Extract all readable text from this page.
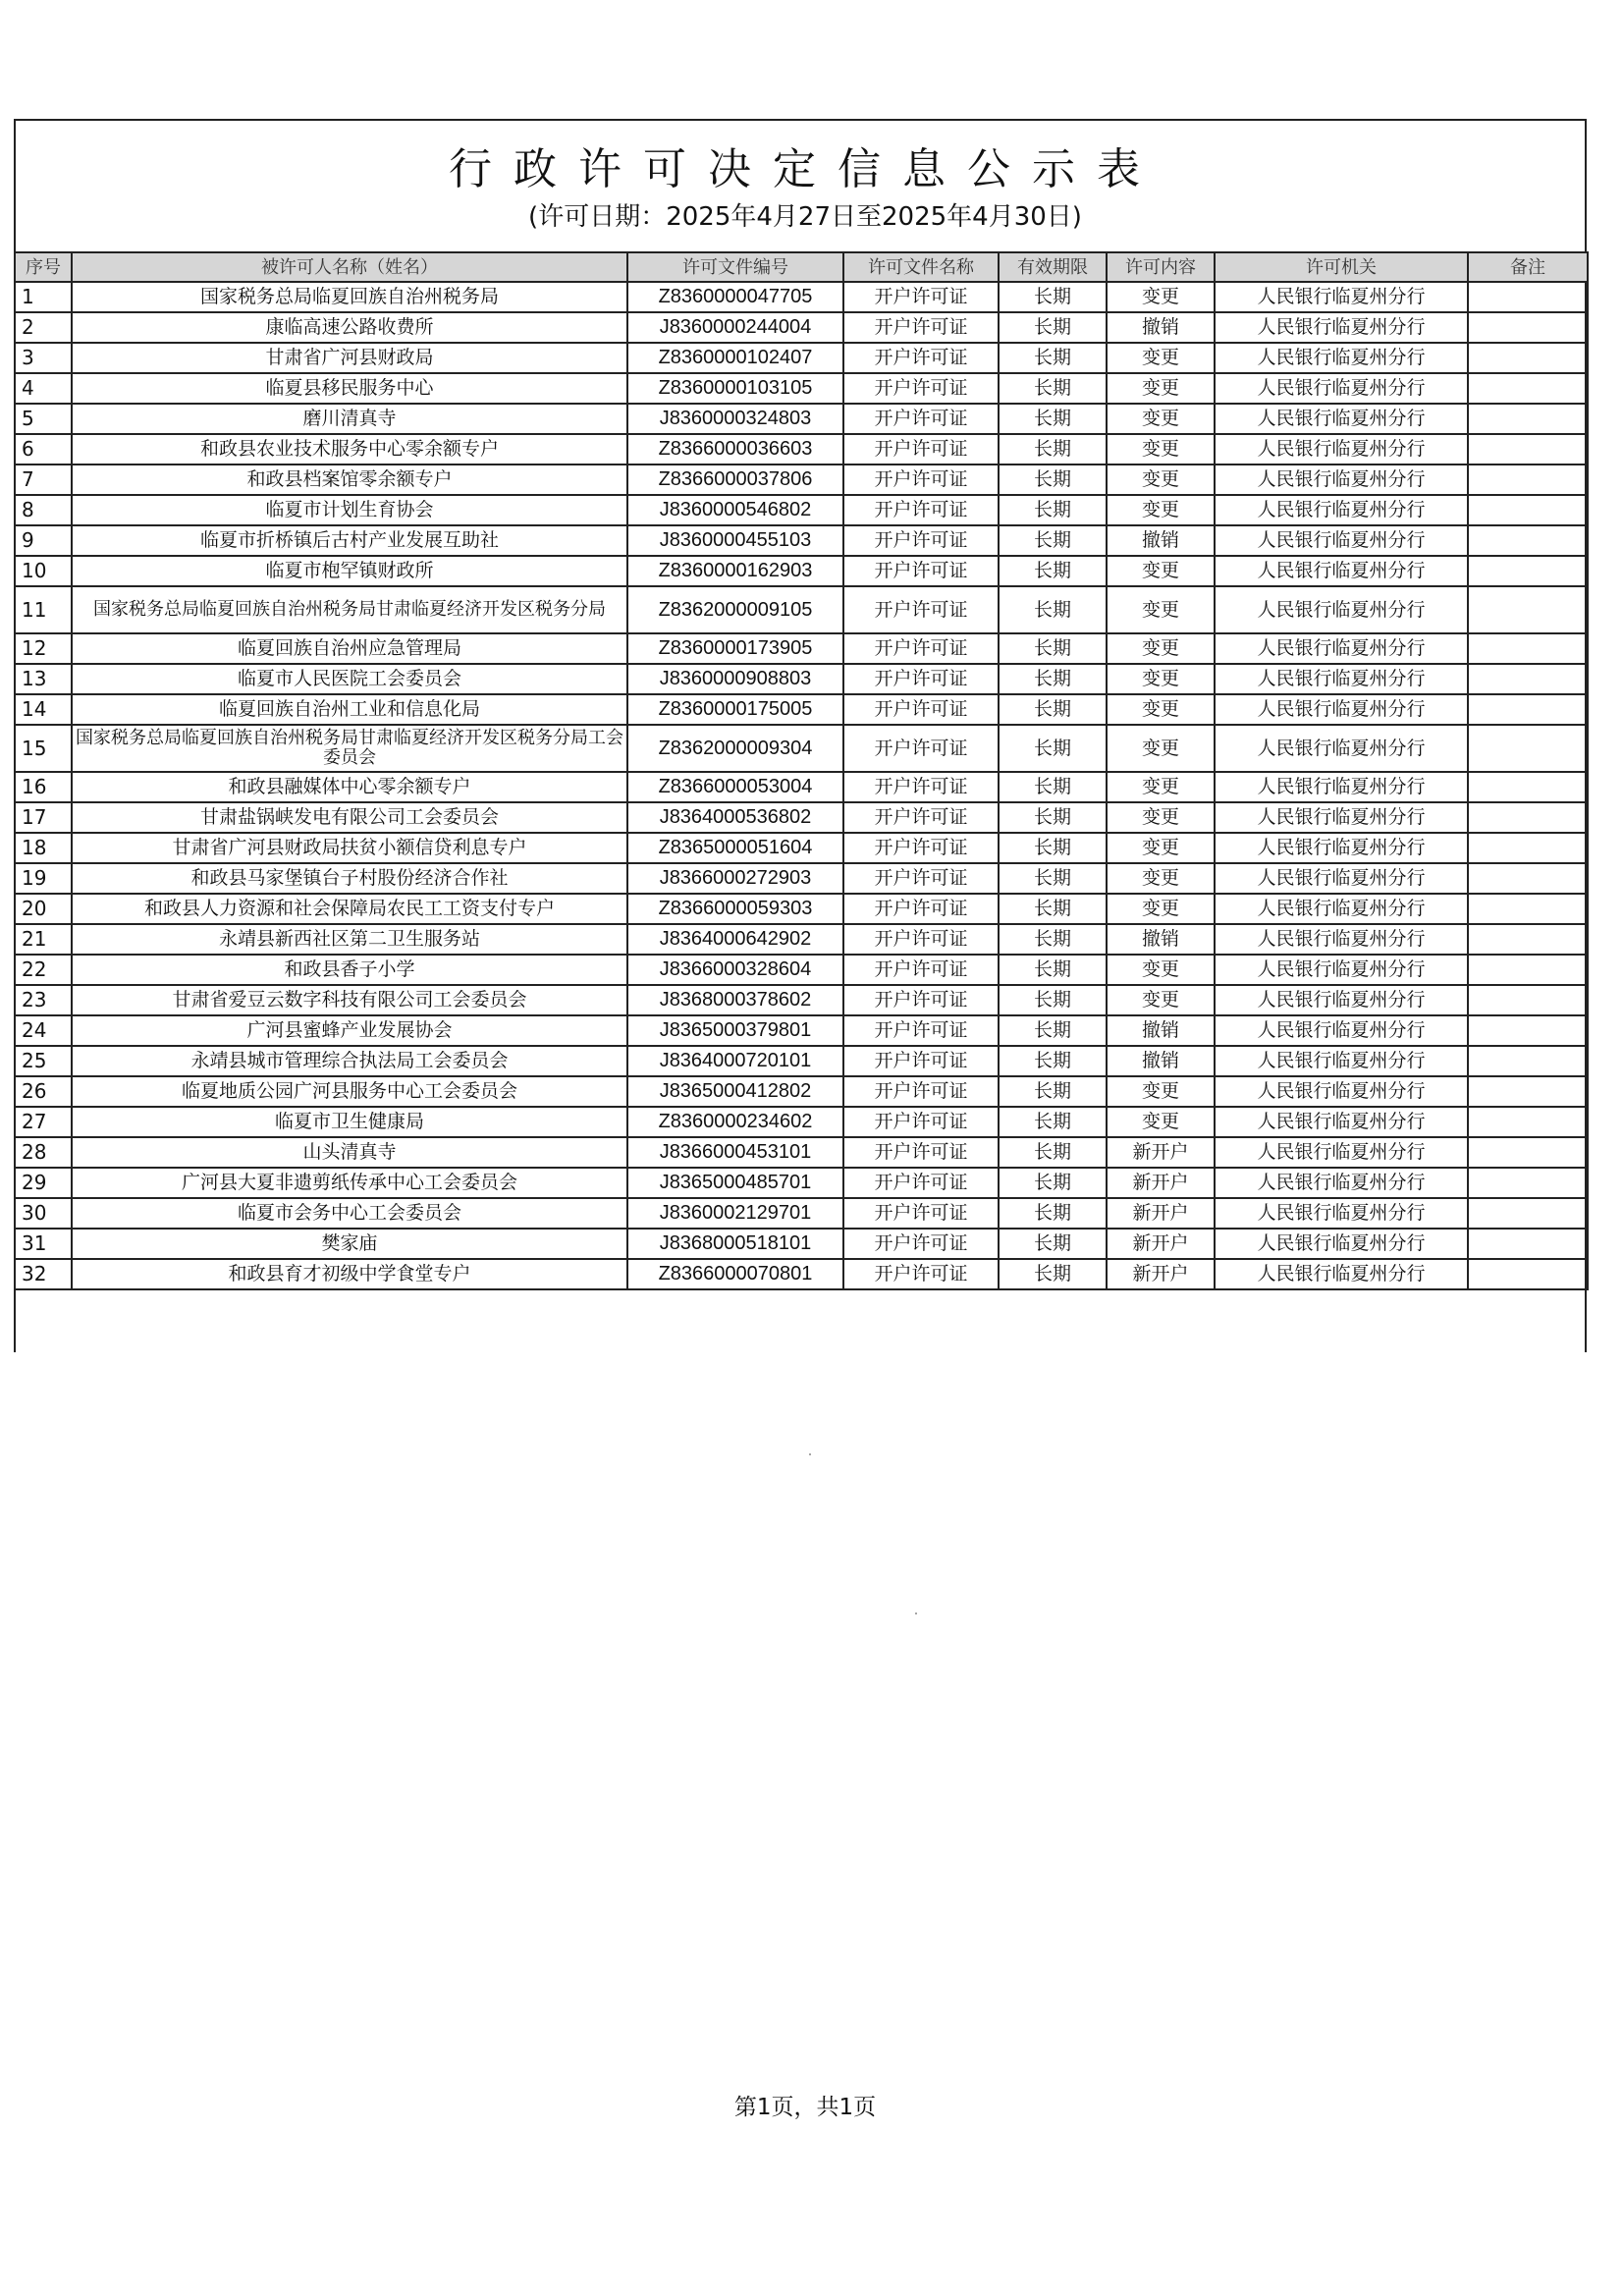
行政许可决定信息公示表
(许可日期：2025年4月27日至2025年4月30日)
序号	被许可人名称（姓名）	许可文件编号	许可文件名称	有效期限	许可内容	许可机关	备注
1	国家税务总局临夏回族自治州税务局	Z8360000047705	开户许可证	长期	变更	人民银行临夏州分行	
2	康临高速公路收费所	J8360000244004	开户许可证	长期	撤销	人民银行临夏州分行	
3	甘肃省广河县财政局	Z8360000102407	开户许可证	长期	变更	人民银行临夏州分行	
4	临夏县移民服务中心	Z8360000103105	开户许可证	长期	变更	人民银行临夏州分行	
5	磨川清真寺	J8360000324803	开户许可证	长期	变更	人民银行临夏州分行	
6	和政县农业技术服务中心零余额专户	Z8366000036603	开户许可证	长期	变更	人民银行临夏州分行	
7	和政县档案馆零余额专户	Z8366000037806	开户许可证	长期	变更	人民银行临夏州分行	
8	临夏市计划生育协会	J8360000546802	开户许可证	长期	变更	人民银行临夏州分行	
9	临夏市折桥镇后古村产业发展互助社	J8360000455103	开户许可证	长期	撤销	人民银行临夏州分行	
10	临夏市枹罕镇财政所	Z8360000162903	开户许可证	长期	变更	人民银行临夏州分行	
11	国家税务总局临夏回族自治州税务局甘肃临夏经济开发区税务分局	Z8362000009105	开户许可证	长期	变更	人民银行临夏州分行	
12	临夏回族自治州应急管理局	Z8360000173905	开户许可证	长期	变更	人民银行临夏州分行	
13	临夏市人民医院工会委员会	J8360000908803	开户许可证	长期	变更	人民银行临夏州分行	
14	临夏回族自治州工业和信息化局	Z8360000175005	开户许可证	长期	变更	人民银行临夏州分行	
15	国家税务总局临夏回族自治州税务局甘肃临夏经济开发区税务分局工会委员会	Z8362000009304	开户许可证	长期	变更	人民银行临夏州分行	
16	和政县融媒体中心零余额专户	Z8366000053004	开户许可证	长期	变更	人民银行临夏州分行	
17	甘肃盐锅峡发电有限公司工会委员会	J8364000536802	开户许可证	长期	变更	人民银行临夏州分行	
18	甘肃省广河县财政局扶贫小额信贷利息专户	Z8365000051604	开户许可证	长期	变更	人民银行临夏州分行	
19	和政县马家堡镇台子村股份经济合作社	J8366000272903	开户许可证	长期	变更	人民银行临夏州分行	
20	和政县人力资源和社会保障局农民工工资支付专户	Z8366000059303	开户许可证	长期	变更	人民银行临夏州分行	
21	永靖县新西社区第二卫生服务站	J8364000642902	开户许可证	长期	撤销	人民银行临夏州分行	
22	和政县香子小学	J8366000328604	开户许可证	长期	变更	人民银行临夏州分行	
23	甘肃省爱豆云数字科技有限公司工会委员会	J8368000378602	开户许可证	长期	变更	人民银行临夏州分行	
24	广河县蜜蜂产业发展协会	J8365000379801	开户许可证	长期	撤销	人民银行临夏州分行	
25	永靖县城市管理综合执法局工会委员会	J8364000720101	开户许可证	长期	撤销	人民银行临夏州分行	
26	临夏地质公园广河县服务中心工会委员会	J8365000412802	开户许可证	长期	变更	人民银行临夏州分行	
27	临夏市卫生健康局	Z8360000234602	开户许可证	长期	变更	人民银行临夏州分行	
28	山头清真寺	J8366000453101	开户许可证	长期	新开户	人民银行临夏州分行	
29	广河县大夏非遗剪纸传承中心工会委员会	J8365000485701	开户许可证	长期	新开户	人民银行临夏州分行	
30	临夏市会务中心工会委员会	J8360002129701	开户许可证	长期	新开户	人民银行临夏州分行	
31	樊家庙	J8368000518101	开户许可证	长期	新开户	人民银行临夏州分行	
32	和政县育才初级中学食堂专户	Z8366000070801	开户许可证	长期	新开户	人民银行临夏州分行	
第1页，共1页
